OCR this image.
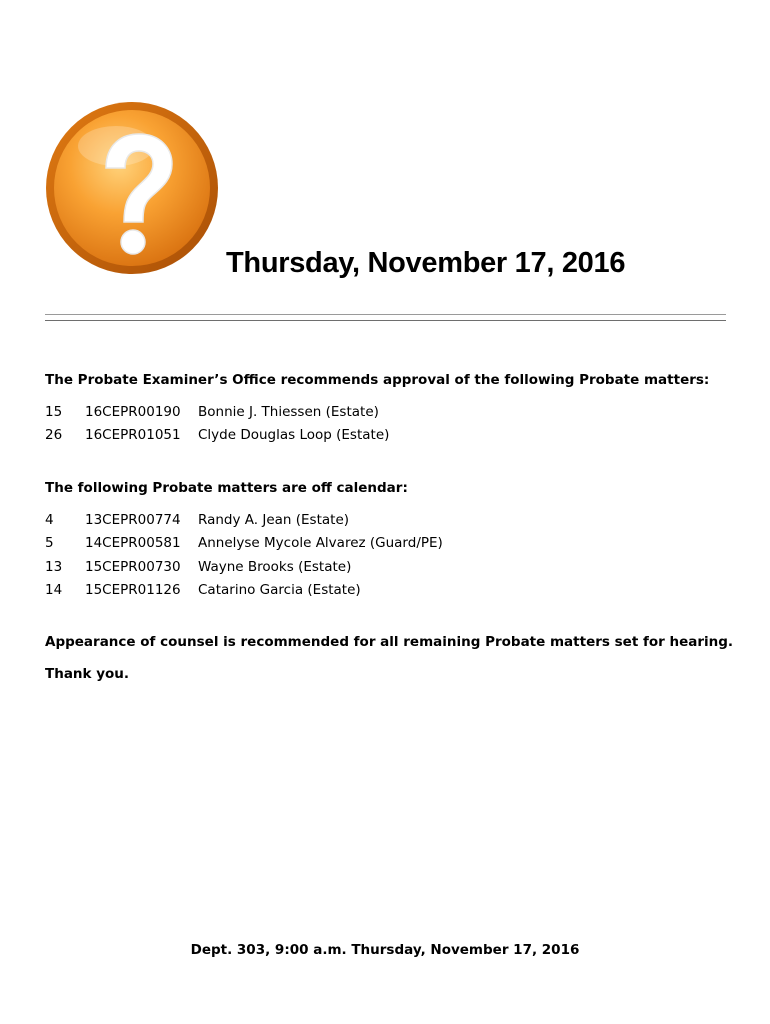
Thursday, November 17, 2016

The Probate Examiner’s Office recommends approval of the following Probate matters:

15 16CEPR00190 Bonnie J. Thiessen (Estate)
26 16CEPR01051 Clyde Douglas Loop (Estate)

The following Probate matters are off calendar:

4 13CEPR00774 Randy A. Jean (Estate)
5 14CEPR00581 Annelyse Mycole Alvarez (Guard/PE)
13 15CEPR00730 Wayne Brooks (Estate)
14 15CEPR01126 Catarino Garcia (Estate)

Appearance of counsel is recommended for all remaining Probate matters set for hearing.

Thank you.

Dept. 303, 9:00 a.m. Thursday, November 17, 2016
